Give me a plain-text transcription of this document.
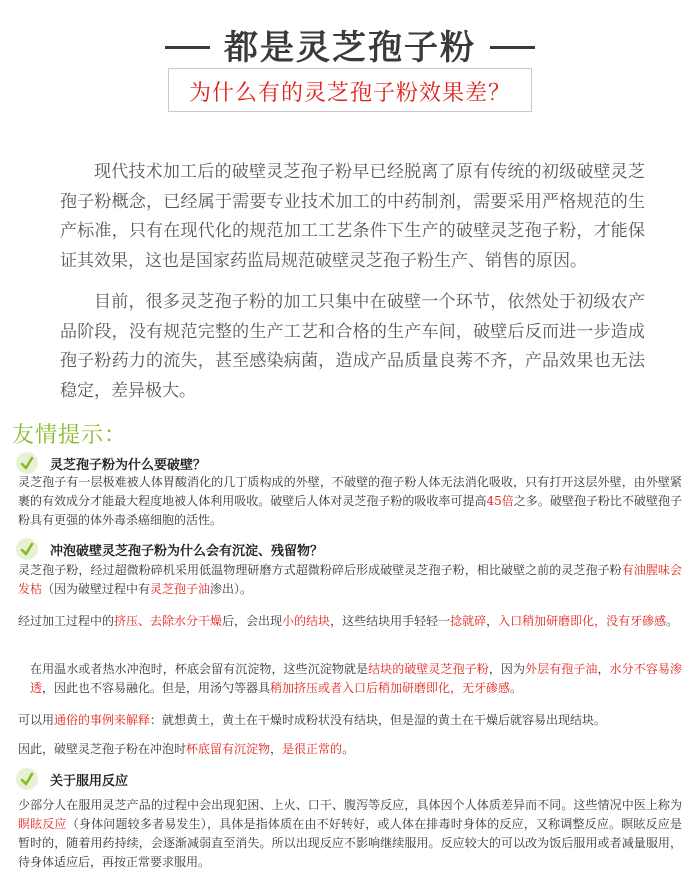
都是灵芝孢子粉
为什么有的灵芝孢子粉效果差？

现代技术加工后的破壁灵芝孢子粉早已经脱离了原有传统的初级破壁灵芝孢子粉概念，已经属于需要专业技术加工的中药制剂，需要采用严格规范的生产标准，只有在现代化的规范加工工艺条件下生产的破壁灵芝孢子粉，才能保证其效果，这也是国家药监局规范破壁灵芝孢子粉生产、销售的原因。

目前，很多灵芝孢子粉的加工只集中在破壁一个环节，依然处于初级农产品阶段，没有规范完整的生产工艺和合格的生产车间，破壁后反而进一步造成孢子粉药力的流失，甚至感染病菌，造成产品质量良莠不齐，产品效果也无法稳定，差异极大。

友情提示：
灵芝孢子粉为什么要破壁？

灵芝孢子有一层极难被人体胃酸消化的几丁质构成的外壁，不破壁的孢子粉人体无法消化吸收，只有打开这层外壁，由外壁紧裹的有效成分才能最大程度地被人体利用吸收。破壁后人体对灵芝孢子粉的吸收率可提高45倍之多。破壁孢子粉比不破壁孢子粉具有更强的体外毒杀癌细胞的活性。

冲泡破壁灵芝孢子粉为什么会有沉淀、残留物？

灵芝孢子粉，经过超微粉碎机采用低温物理研磨方式超微粉碎后形成破壁灵芝孢子粉，相比破壁之前的灵芝孢子粉有油腥味会发枯（因为破壁过程中有灵芝孢子油渗出）。

经过加工过程中的挤压、去除水分干燥后，会出现小的结块，这些结块用手轻轻一捻就碎，入口稍加研磨即化，没有牙碜感。

在用温水或者热水冲泡时，杯底会留有沉淀物，这些沉淀物就是结块的破壁灵芝孢子粉，因为外层有孢子油，水分不容易渗透，因此也不容易融化。但是，用汤勺等器具稍加挤压或者入口后稍加研磨即化，无牙碜感。

可以用通俗的事例来解释：就想黄土，黄土在干燥时成粉状没有结块，但是湿的黄土在干燥后就容易出现结块。

因此，破壁灵芝孢子粉在冲泡时杯底留有沉淀物，是很正常的。

关于服用反应

少部分人在服用灵芝产品的过程中会出现犯困、上火、口干、腹泻等反应，具体因个人体质差异而不同。这些情况中医上称为瞑眩反应（身体问题较多者易发生），具体是指体质在由不好转好，或人体在排毒时身体的反应，又称调整反应。瞑眩反应是暂时的，随着用药持续，会逐渐减弱直至消失。所以出现反应不影响继续服用。反应较大的可以改为饭后服用或者减量服用，待身体适应后，再按正常要求服用。
